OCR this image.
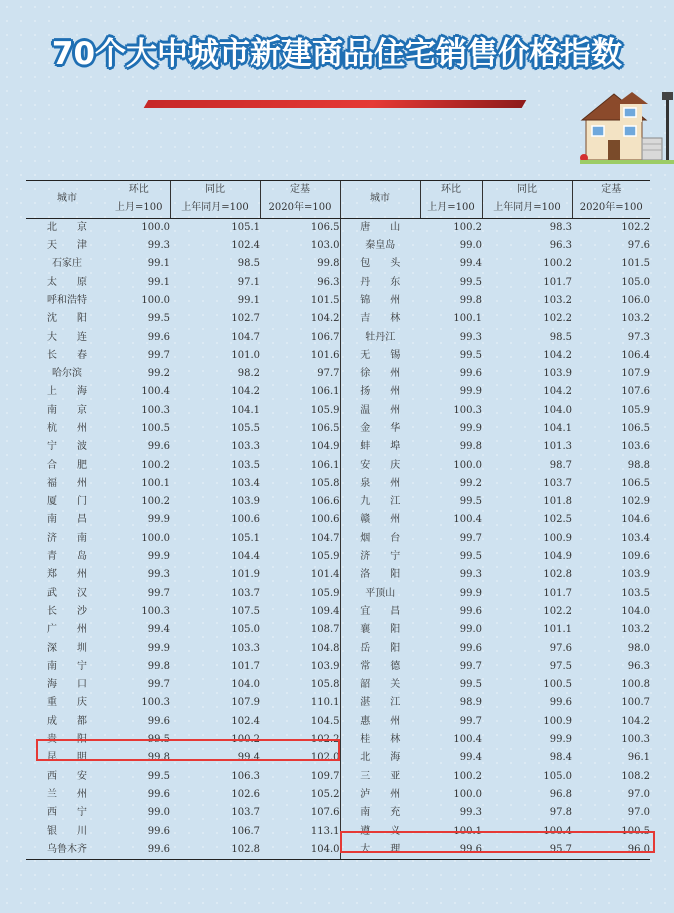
70个大中城市新建商品住宅销售价格指数
城市	环比	同比	定基	城市	环比	同比	定基
	上月=100	上年同月=100	2020年=100		上月=100	上年同月=100	2020年=100
北　　京	100.0	105.1	106.5	唐　　山	100.2	98.3	102.2
天　　津	99.3	102.4	103.0	秦皇岛	99.0	96.3	97.6
石家庄	99.1	98.5	99.8	包　　头	99.4	100.2	101.5
太　　原	99.1	97.1	96.3	丹　　东	99.5	101.7	105.0
呼和浩特	100.0	99.1	101.5	锦　　州	99.8	103.2	106.0
沈　　阳	99.5	102.7	104.2	吉　　林	100.1	102.2	103.2
大　　连	99.6	104.7	106.7	牡丹江	99.3	98.5	97.3
长　　春	99.7	101.0	101.6	无　　锡	99.5	104.2	106.4
哈尔滨	99.2	98.2	97.7	徐　　州	99.6	103.9	107.9
上　　海	100.4	104.2	106.1	扬　　州	99.9	104.2	107.6
南　　京	100.3	104.1	105.9	温　　州	100.3	104.0	105.9
杭　　州	100.5	105.5	106.5	金　　华	99.9	104.1	106.5
宁　　波	99.6	103.3	104.9	蚌　　埠	99.8	101.3	103.6
合　　肥	100.2	103.5	106.1	安　　庆	100.0	98.7	98.8
福　　州	100.1	103.4	105.8	泉　　州	99.2	103.7	106.5
厦　　门	100.2	103.9	106.6	九　　江	99.5	101.8	102.9
南　　昌	99.9	100.6	100.6	赣　　州	100.4	102.5	104.6
济　　南	100.0	105.1	104.7	烟　　台	99.7	100.9	103.4
青　　岛	99.9	104.4	105.9	济　　宁	99.5	104.9	109.6
郑　　州	99.3	101.9	101.4	洛　　阳	99.3	102.8	103.9
武　　汉	99.7	103.7	105.9	平顶山	99.9	101.7	103.5
长　　沙	100.3	107.5	109.4	宜　　昌	99.6	102.2	104.0
广　　州	99.4	105.0	108.7	襄　　阳	99.0	101.1	103.2
深　　圳	99.9	103.3	104.8	岳　　阳	99.6	97.6	98.0
南　　宁	99.8	101.7	103.9	常　　德	99.7	97.5	96.3
海　　口	99.7	104.0	105.8	韶　　关	99.5	100.5	100.8
重　　庆	100.3	107.9	110.1	湛　　江	98.9	99.6	100.7
成　　都	99.6	102.4	104.5	惠　　州	99.7	100.9	104.2
贵　　阳	99.5	100.2	102.2	桂　　林	100.4	99.9	100.3
昆　　明	99.8	99.4	102.0	北　　海	99.4	98.4	96.1
西　　安	99.5	106.3	109.7	三　　亚	100.2	105.0	108.2
兰　　州	99.6	102.6	105.2	泸　　州	100.0	96.8	97.0
西　　宁	99.0	103.7	107.6	南　　充	99.3	97.8	97.0
银　　川	99.6	106.7	113.1	遵　　义	100.1	100.4	100.5
乌鲁木齐	99.6	102.8	104.0	大　　理	99.6	95.7	96.0
